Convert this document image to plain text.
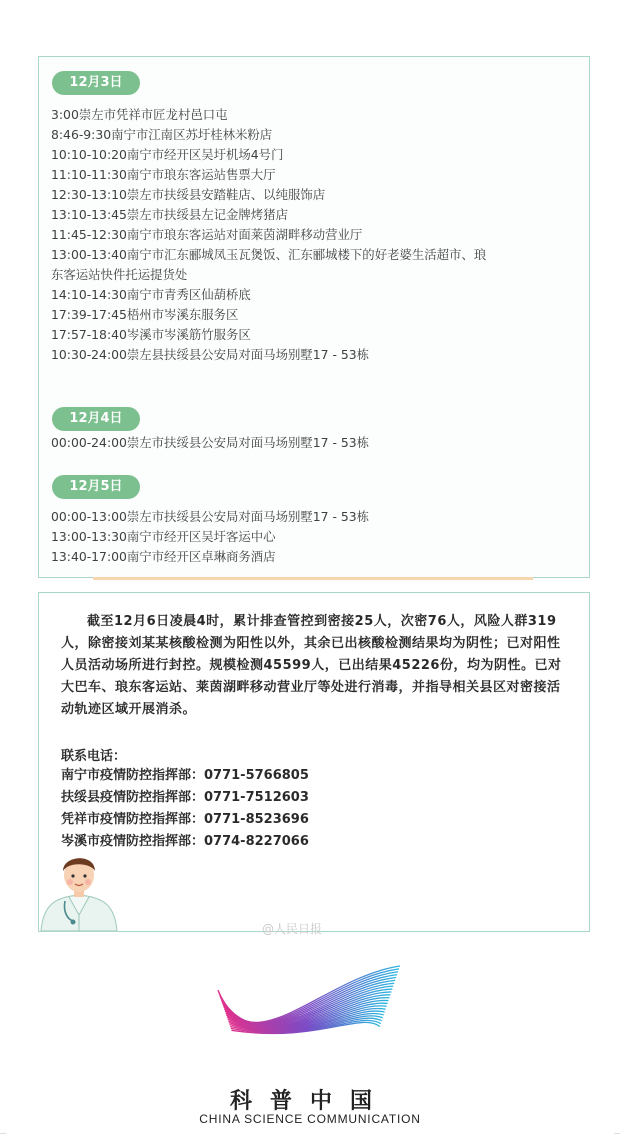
12月3日
3:00崇左市凭祥市匠龙村邑口屯
8:46-9:30南宁市江南区苏圩桂林米粉店
10:10-10:20南宁市经开区吴圩机场4号门
11:10-11:30南宁市琅东客运站售票大厅
12:30-13:10崇左市扶绥县安踏鞋店、以纯服饰店
13:10-13:45崇左市扶绥县左记金牌烤猪店
11:45-12:30南宁市琅东客运站对面莱茵湖畔移动营业厅
13:00-13:40南宁市汇东郦城凤玉瓦煲饭、汇东郦城楼下的好老婆生活超市、琅
东客运站快件托运提货处
14:10-14:30南宁市青秀区仙葫桥底
17:39-17:45梧州市岑溪东服务区
17:57-18:40岑溪市岑溪筋竹服务区
10:30-24:00崇左县扶绥县公安局对面马场别墅17 - 53栋
12月4日
00:00-24:00崇左市扶绥县公安局对面马场别墅17 - 53栋
12月5日
00:00-13:00崇左市扶绥县公安局对面马场别墅17 - 53栋
13:00-13:30南宁市经开区吴圩客运中心
13:40-17:00南宁市经开区卓琳商务酒店

截至12月6日凌晨4时，累计排查管控到密接25人，次密76人，风险人群319人，除密接刘某某核酸检测为阳性以外，其余已出核酸检测结果均为阴性；已对阳性人员活动场所进行封控。规模检测45599人，已出结果45226份，均为阴性。已对大巴车、琅东客运站、莱茵湖畔移动营业厅等处进行消毒，并指导相关县区对密接活动轨迹区域开展消杀。

联系电话：
南宁市疫情防控指挥部：0771-5766805
扶绥县疫情防控指挥部：0771-7512603
凭祥市疫情防控指挥部：0771-8523696
岑溪市疫情防控指挥部：0774-8227066
@人民日报
科普中国
CHINA SCIENCE COMMUNICATION
